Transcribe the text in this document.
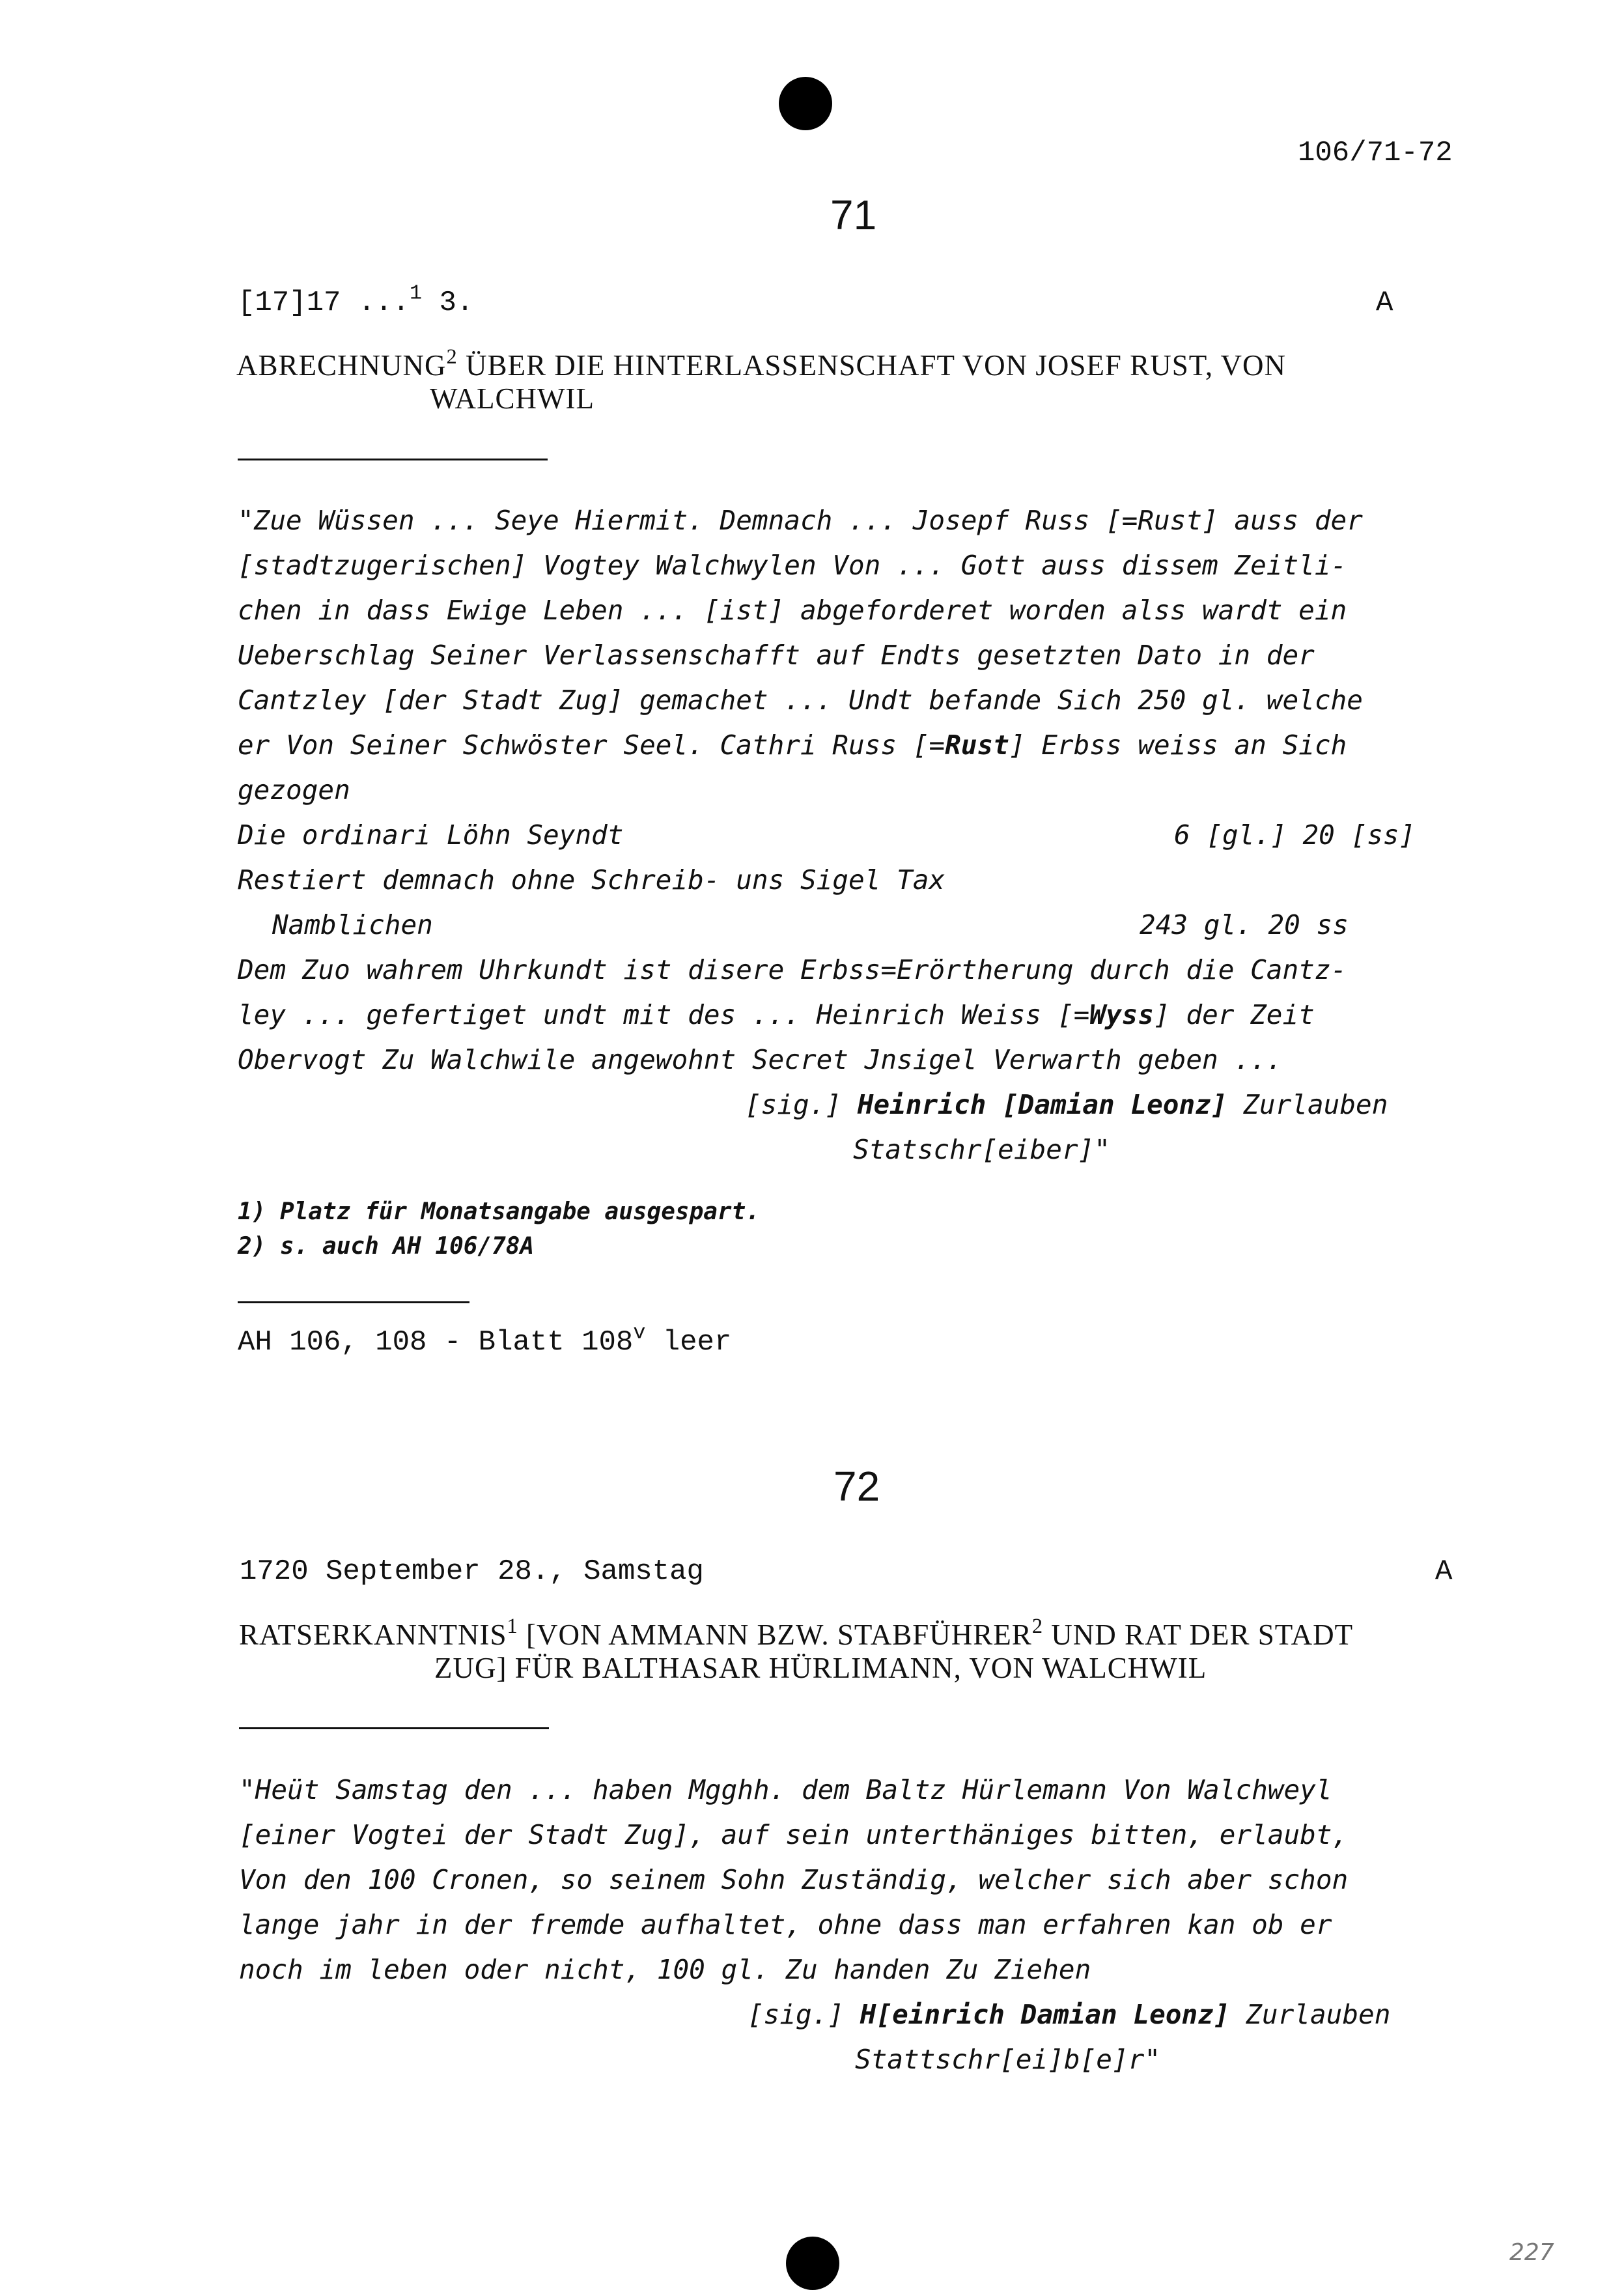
106/71-72
71
[17]17 ...$^1$ 3.	A
ABRECHNUNG$^2$ ÜBER DIE HINTERLASSENSCHAFT VON JOSEF RUST, VON
WALCHWIL
"Zue Wüssen ... Seye Hiermit. Demnach ... Josepf Russ [=Rust] auss der
[stadtzugerischen] Vogtey Walchwylen Von ... Gott auss dissem Zeitli-
chen in dass Ewige Leben ... [ist] abgeforderet worden alss wardt ein
Ueberschlag Seiner Verlassenschafft auf Endts gesetzten Dato in der
Cantzley [der Stadt Zug] gemachet ... Undt befande Sich 250 gl. welche
er Von Seiner Schwöster Seel. Cathri Russ [=Rust] Erbss weiss an Sich
gezogen
Die ordinari Löhn Seyndt	6 [gl.] 20 [ss]
Restiert demnach ohne Schreib- uns Sigel Tax
Namblichen	243 gl. 20 ss
Dem Zuo wahrem Uhrkundt ist disere Erbss=Erörtherung durch die Cantz-
ley ... gefertiget undt mit des ... Heinrich Weiss [=Wyss] der Zeit
Obervogt Zu Walchwile angewohnt Secret Jnsigel Verwarth geben ...
[sig.] Heinrich [Damian Leonz] Zurlauben
Statschr[eiber]"
1) Platz für Monatsangabe ausgespart.
2) s. auch AH 106/78A
AH 106, 108 - Blatt 108$^v$ leer
72
1720 September 28., Samstag	A
RATSERKANNTNIS$^1$ [VON AMMANN BZW. STABFÜHRER$^2$ UND RAT DER STADT
ZUG] FÜR BALTHASAR HÜRLIMANN, VON WALCHWIL
"Heüt Samstag den ... haben Mgghh. dem Baltz Hürlemann Von Walchweyl
[einer Vogtei der Stadt Zug], auf sein unterthäniges bitten, erlaubt,
Von den 100 Cronen, so seinem Sohn Zuständig, welcher sich aber schon
lange jahr in der fremde aufhaltet, ohne dass man erfahren kan ob er
noch im leben oder nicht, 100 gl. Zu handen Zu Ziehen
[sig.] H[einrich Damian Leonz] Zurlauben
Stattschr[ei]b[e]r"
227
